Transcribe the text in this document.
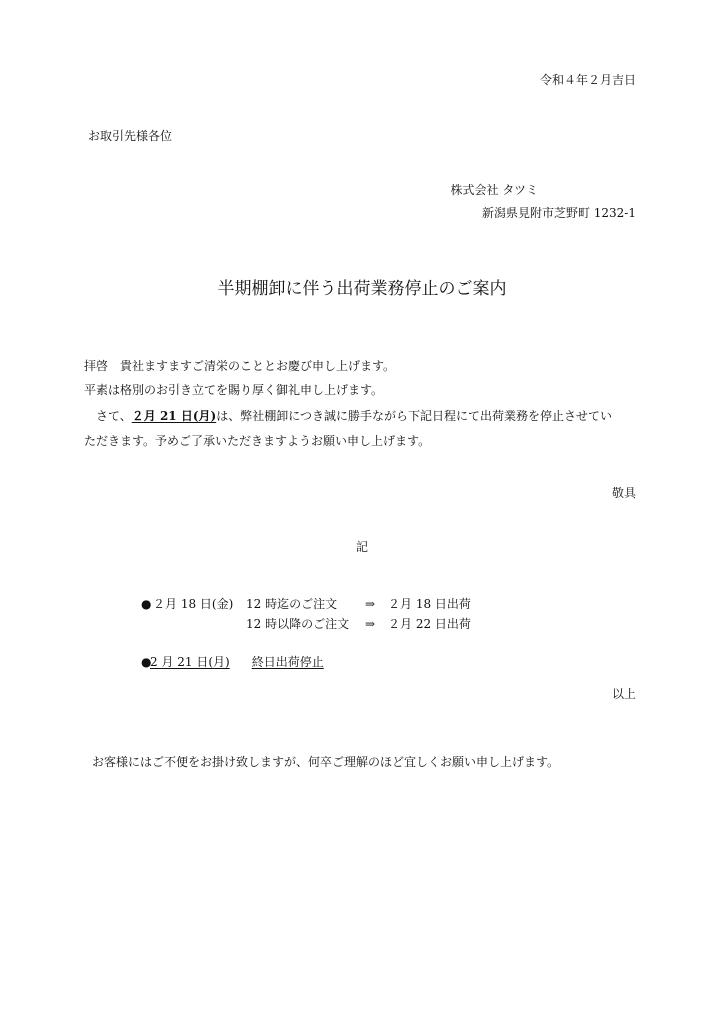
令和４年２月吉日
お取引先様各位
株式会社 タツミ
新潟県見附市芝野町 1232-1
半期棚卸に伴う出荷業務停止のご案内
拝啓　貴社ますますご清栄のこととお慶び申し上げます。
平素は格別のお引き立てを賜り厚く御礼申し上げます。
　さて、２月 21 日(月)は、弊社棚卸につき誠に勝手ながら下記日程にて出荷業務を停止させてい
ただきます。予めご了承いただきますようお願い申し上げます。
敬具
記
● ２月 18 日(金) 12 時迄のご注文 ⇒ ２月 18 日出荷
12 時以降のご注文 ⇒ ２月 22 日出荷
●
2 月 21 日(月) 終日出荷停止
以上
お客様にはご不便をお掛け致しますが、何卒ご理解のほど宜しくお願い申し上げます。
